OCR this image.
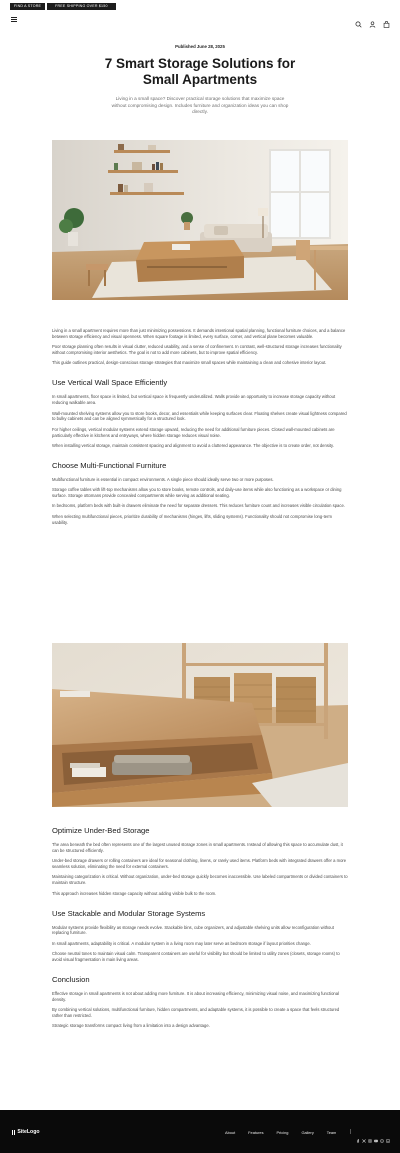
FIND A STORE	FREE SHIPPING OVER $150
Published June 28, 2025
7 Smart Storage Solutions for Small Apartments

Living in a small space? Discover practical storage solutions that maximize space without compromising design. Includes furniture and organization ideas you can shop directly.

Living in a small apartment requires more than just minimizing possessions. It demands intentional spatial planning, functional furniture choices, and a balance between storage efficiency and visual openness. When square footage is limited, every surface, corner, and vertical plane becomes valuable.

Poor storage planning often results in visual clutter, reduced usability, and a sense of confinement. In contrast, well-structured storage increases functionality without compromising interior aesthetics. The goal is not to add more cabinets, but to improve spatial efficiency.

This guide outlines practical, design-conscious storage strategies that maximize small spaces while maintaining a clean and cohesive interior layout.

Use Vertical Wall Space Efficiently

In small apartments, floor space is limited, but vertical space is frequently underutilized. Walls provide an opportunity to increase storage capacity without reducing walkable area.

Wall-mounted shelving systems allow you to store books, decor, and essentials while keeping surfaces clear. Floating shelves create visual lightness compared to bulky cabinets and can be aligned symmetrically for a structured look.

For higher ceilings, vertical modular systems extend storage upward, reducing the need for additional furniture pieces. Closed wall-mounted cabinets are particularly effective in kitchens and entryways, where hidden storage reduces visual noise.

When installing vertical storage, maintain consistent spacing and alignment to avoid a cluttered appearance. The objective is to create order, not density.

Choose Multi-Functional Furniture

Multifunctional furniture is essential in compact environments. A single piece should ideally serve two or more purposes.

Storage coffee tables with lift-top mechanisms allow you to store books, remote controls, and daily-use items while also functioning as a workspace or dining surface. Storage ottomans provide concealed compartments while serving as additional seating.

In bedrooms, platform beds with built-in drawers eliminate the need for separate dressers. This reduces furniture count and increases visible circulation space.

When selecting multifunctional pieces, prioritize durability of mechanisms (hinges, lifts, sliding systems). Functionality should not compromise long-term usability.

Optimize Under-Bed Storage

The area beneath the bed often represents one of the largest unused storage zones in small apartments. Instead of allowing this space to accumulate dust, it can be structured efficiently.

Under-bed storage drawers or rolling containers are ideal for seasonal clothing, linens, or rarely used items. Platform beds with integrated drawers offer a more seamless solution, eliminating the need for external containers.

Maintaining categorization is critical. Without organization, under-bed storage quickly becomes inaccessible. Use labeled compartments or divided containers to maintain structure.

This approach increases hidden storage capacity without adding visible bulk to the room.

Use Stackable and Modular Storage Systems

Modular systems provide flexibility as storage needs evolve. Stackable bins, cube organizers, and adjustable shelving units allow reconfiguration without replacing furniture.

In small apartments, adaptability is critical. A modular system in a living room may later serve as bedroom storage if layout priorities change.

Choose neutral tones to maintain visual calm. Transparent containers are useful for visibility but should be limited to utility zones (closets, storage rooms) to avoid visual fragmentation in main living areas.

Conclusion

Effective storage in small apartments is not about adding more furniture. It is about increasing efficiency, minimizing visual noise, and maximizing functional density.

By combining vertical solutions, multifunctional furniture, hidden compartments, and adaptable systems, it is possible to create a space that feels structured rather than restricted.

Strategic storage transforms compact living from a limitation into a design advantage.

SiteLogo	About	Features	Pricing	Gallery	Team
